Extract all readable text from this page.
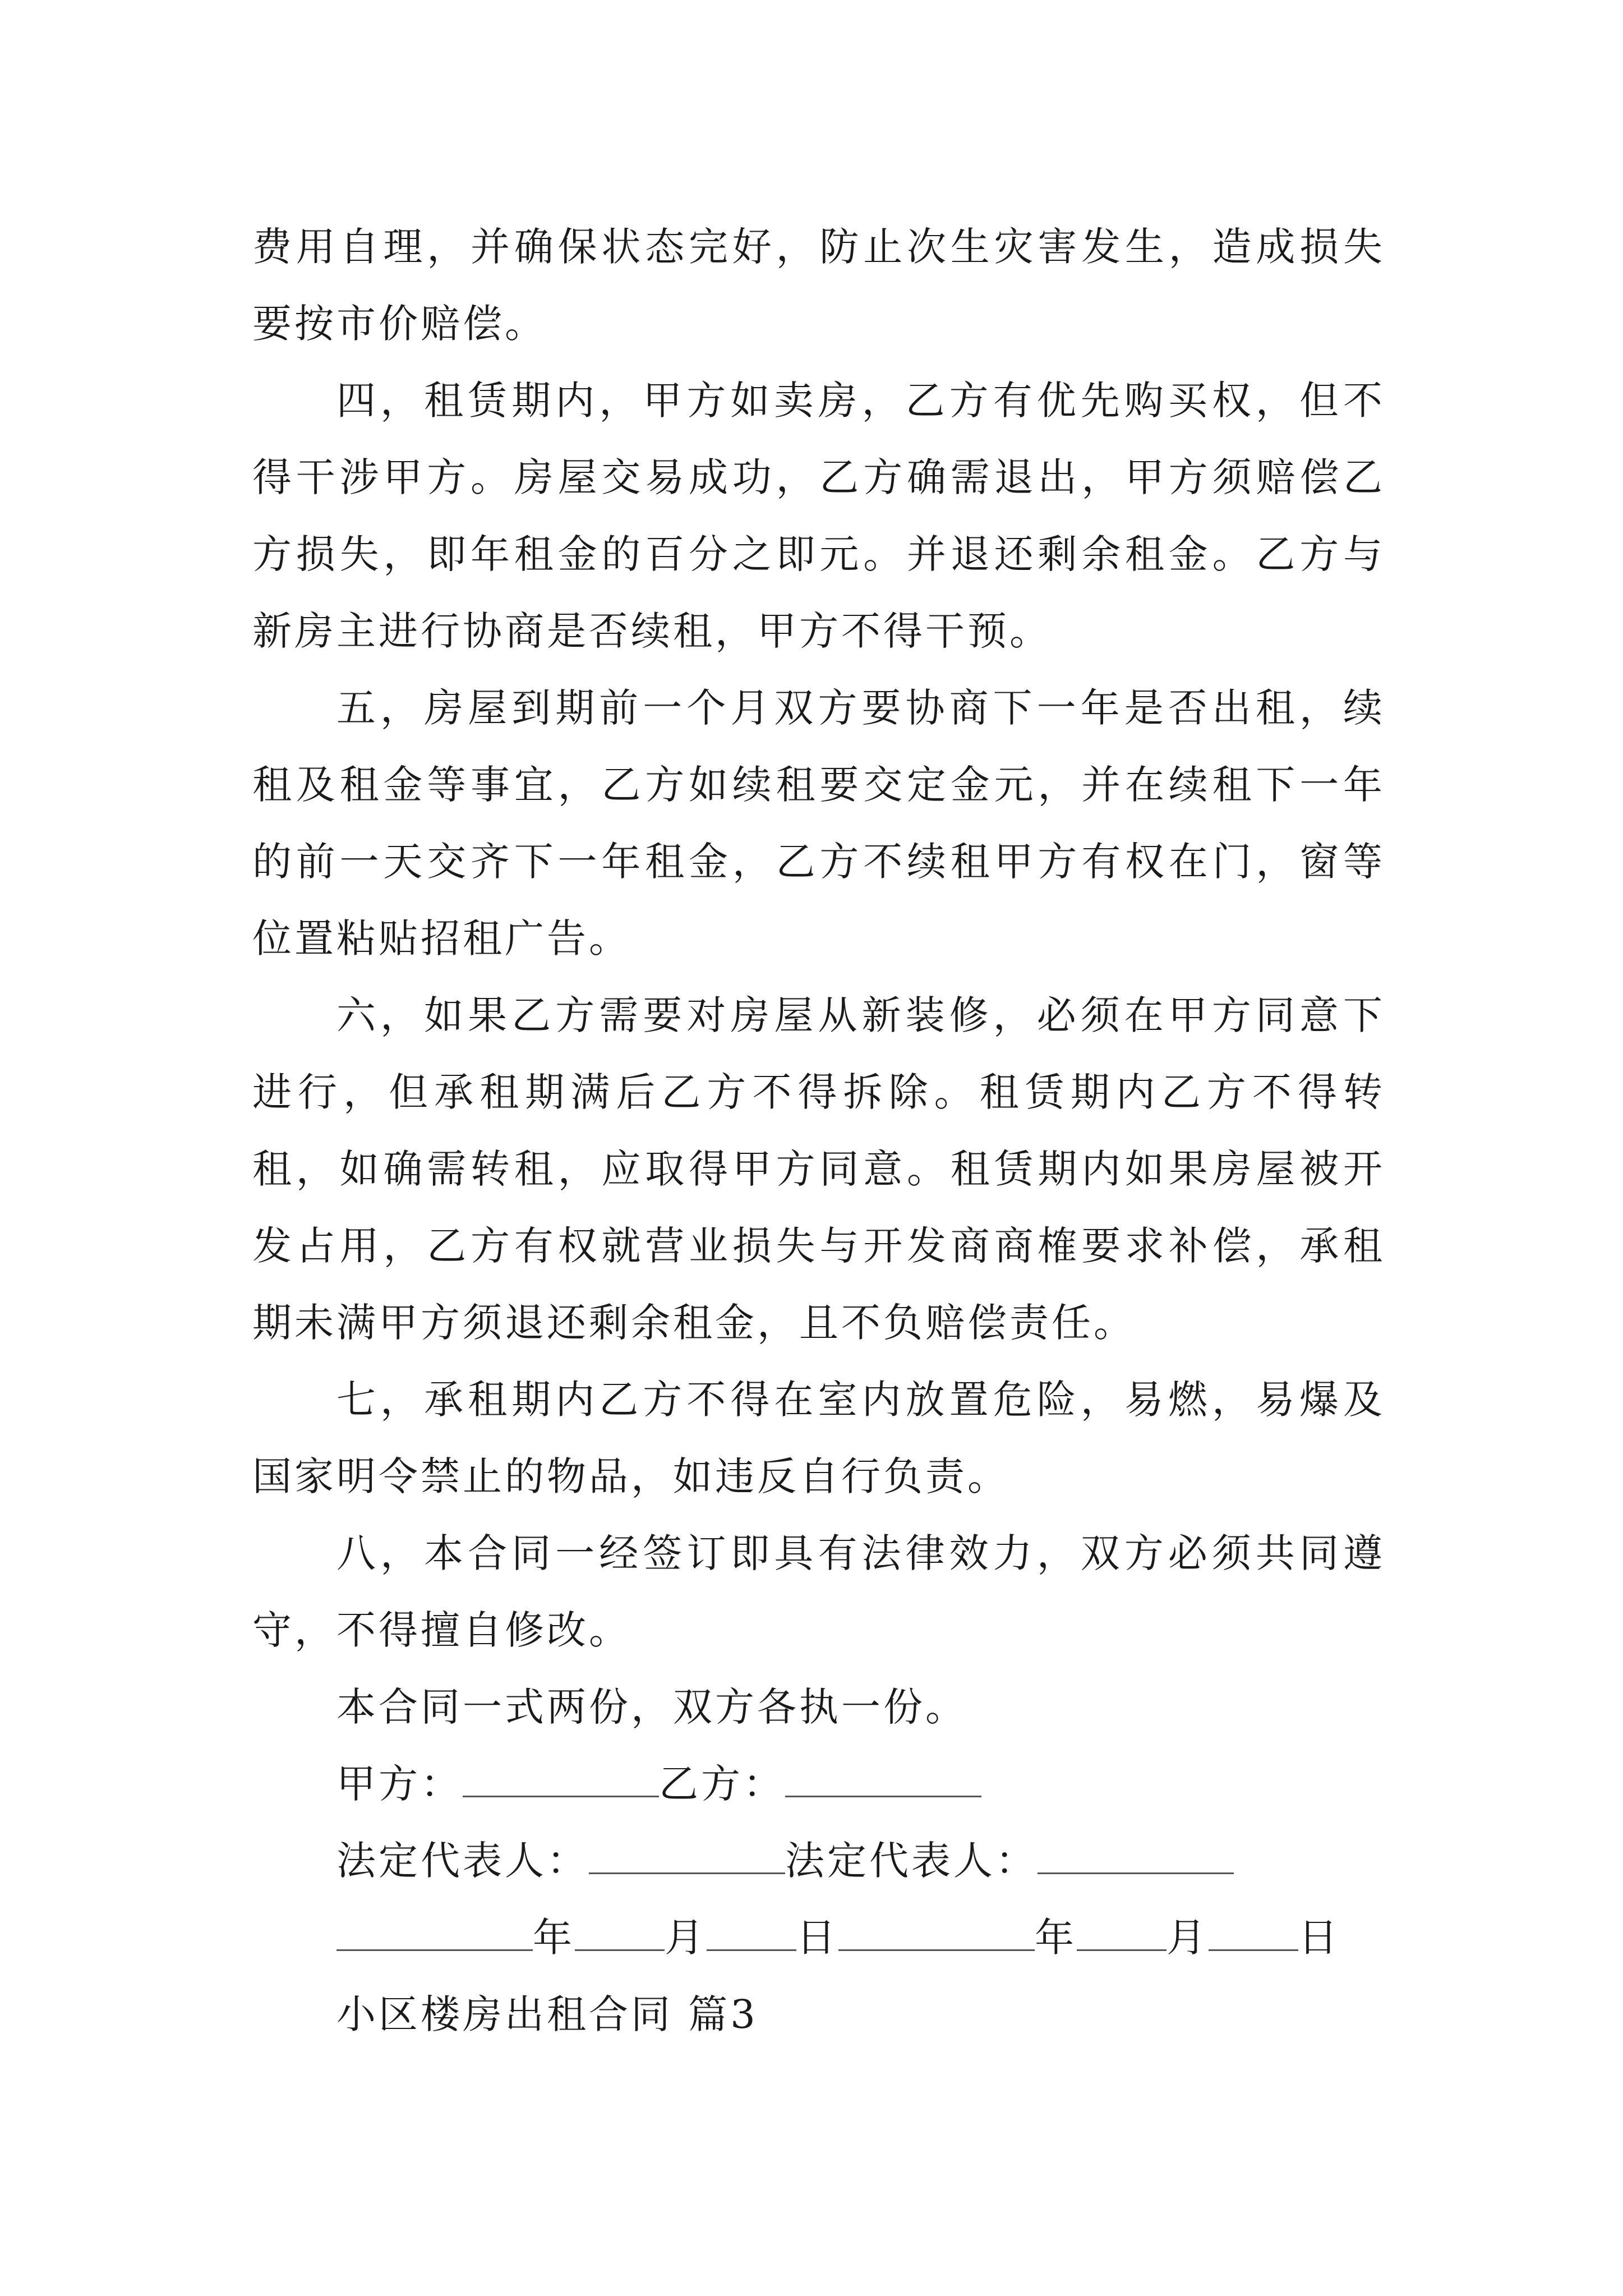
费用自理，并确保状态完好，防止次生灾害发生，造成损失要按市价赔偿。

四，租赁期内，甲方如卖房，乙方有优先购买权，但不得干涉甲方。房屋交易成功，乙方确需退出，甲方须赔偿乙方损失，即年租金的百分之即元。并退还剩余租金。乙方与新房主进行协商是否续租，甲方不得干预。

五，房屋到期前一个月双方要协商下一年是否出租，续租及租金等事宜，乙方如续租要交定金元，并在续租下一年的前一天交齐下一年租金，乙方不续租甲方有权在门，窗等位置粘贴招租广告。

六，如果乙方需要对房屋从新装修，必须在甲方同意下进行，但承租期满后乙方不得拆除。租赁期内乙方不得转租，如确需转租，应取得甲方同意。租赁期内如果房屋被开发占用，乙方有权就营业损失与开发商商榷要求补偿，承租期未满甲方须退还剩余租金，且不负赔偿责任。

七，承租期内乙方不得在室内放置危险，易燃，易爆及国家明令禁止的物品，如违反自行负责。

八，本合同一经签订即具有法律效力，双方必须共同遵守，不得擅自修改。

本合同一式两份，双方各执一份。

甲方：	乙方：

法定代表人：	法定代表人：

年 月 日	年 月 日

小区楼房出租合同 篇3
